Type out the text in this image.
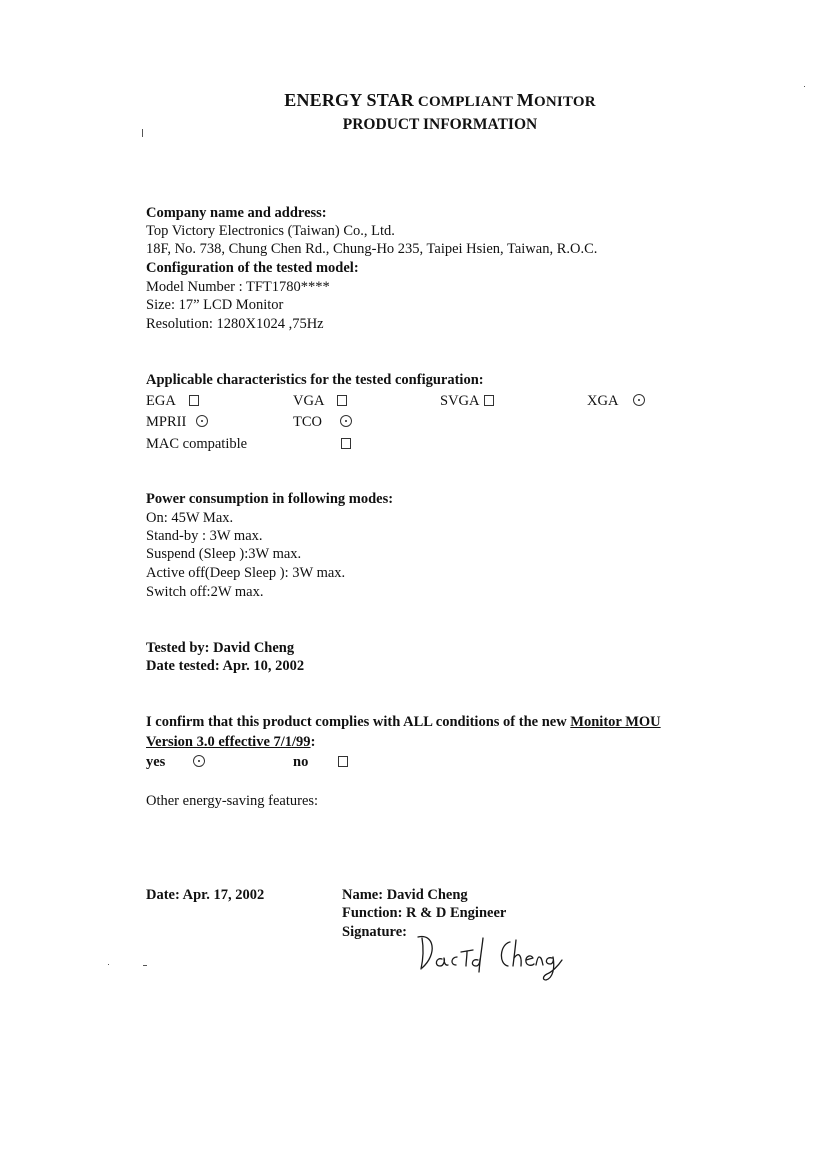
ENERGY STAR COMPLIANT MONITOR
PRODUCT INFORMATION
Company name and address:
Top Victory Electronics (Taiwan) Co., Ltd.
18F, No. 738, Chung Chen Rd., Chung-Ho 235, Taipei Hsien, Taiwan, R.O.C.
Configuration of the tested model:
Model Number : TFT1780****
Size: 17” LCD Monitor
Resolution: 1280X1024 ,75Hz
Applicable characteristics for the tested configuration:
EGA	VGA	SVGA	XGA
MPRII	TCO
MAC compatible
Power consumption in following modes:
On: 45W Max.
Stand-by : 3W max.
Suspend (Sleep ):3W max.
Active off(Deep Sleep ): 3W max.
Switch off:2W max.
Tested by: David Cheng
Date tested: Apr. 10, 2002
I confirm that this product complies with ALL conditions of the new Monitor MOU
Version 3.0 effective 7/1/99:
yes	no
Other energy-saving features:
Date: Apr. 17, 2002	Name: David Cheng
Function: R & D Engineer
Signature:
